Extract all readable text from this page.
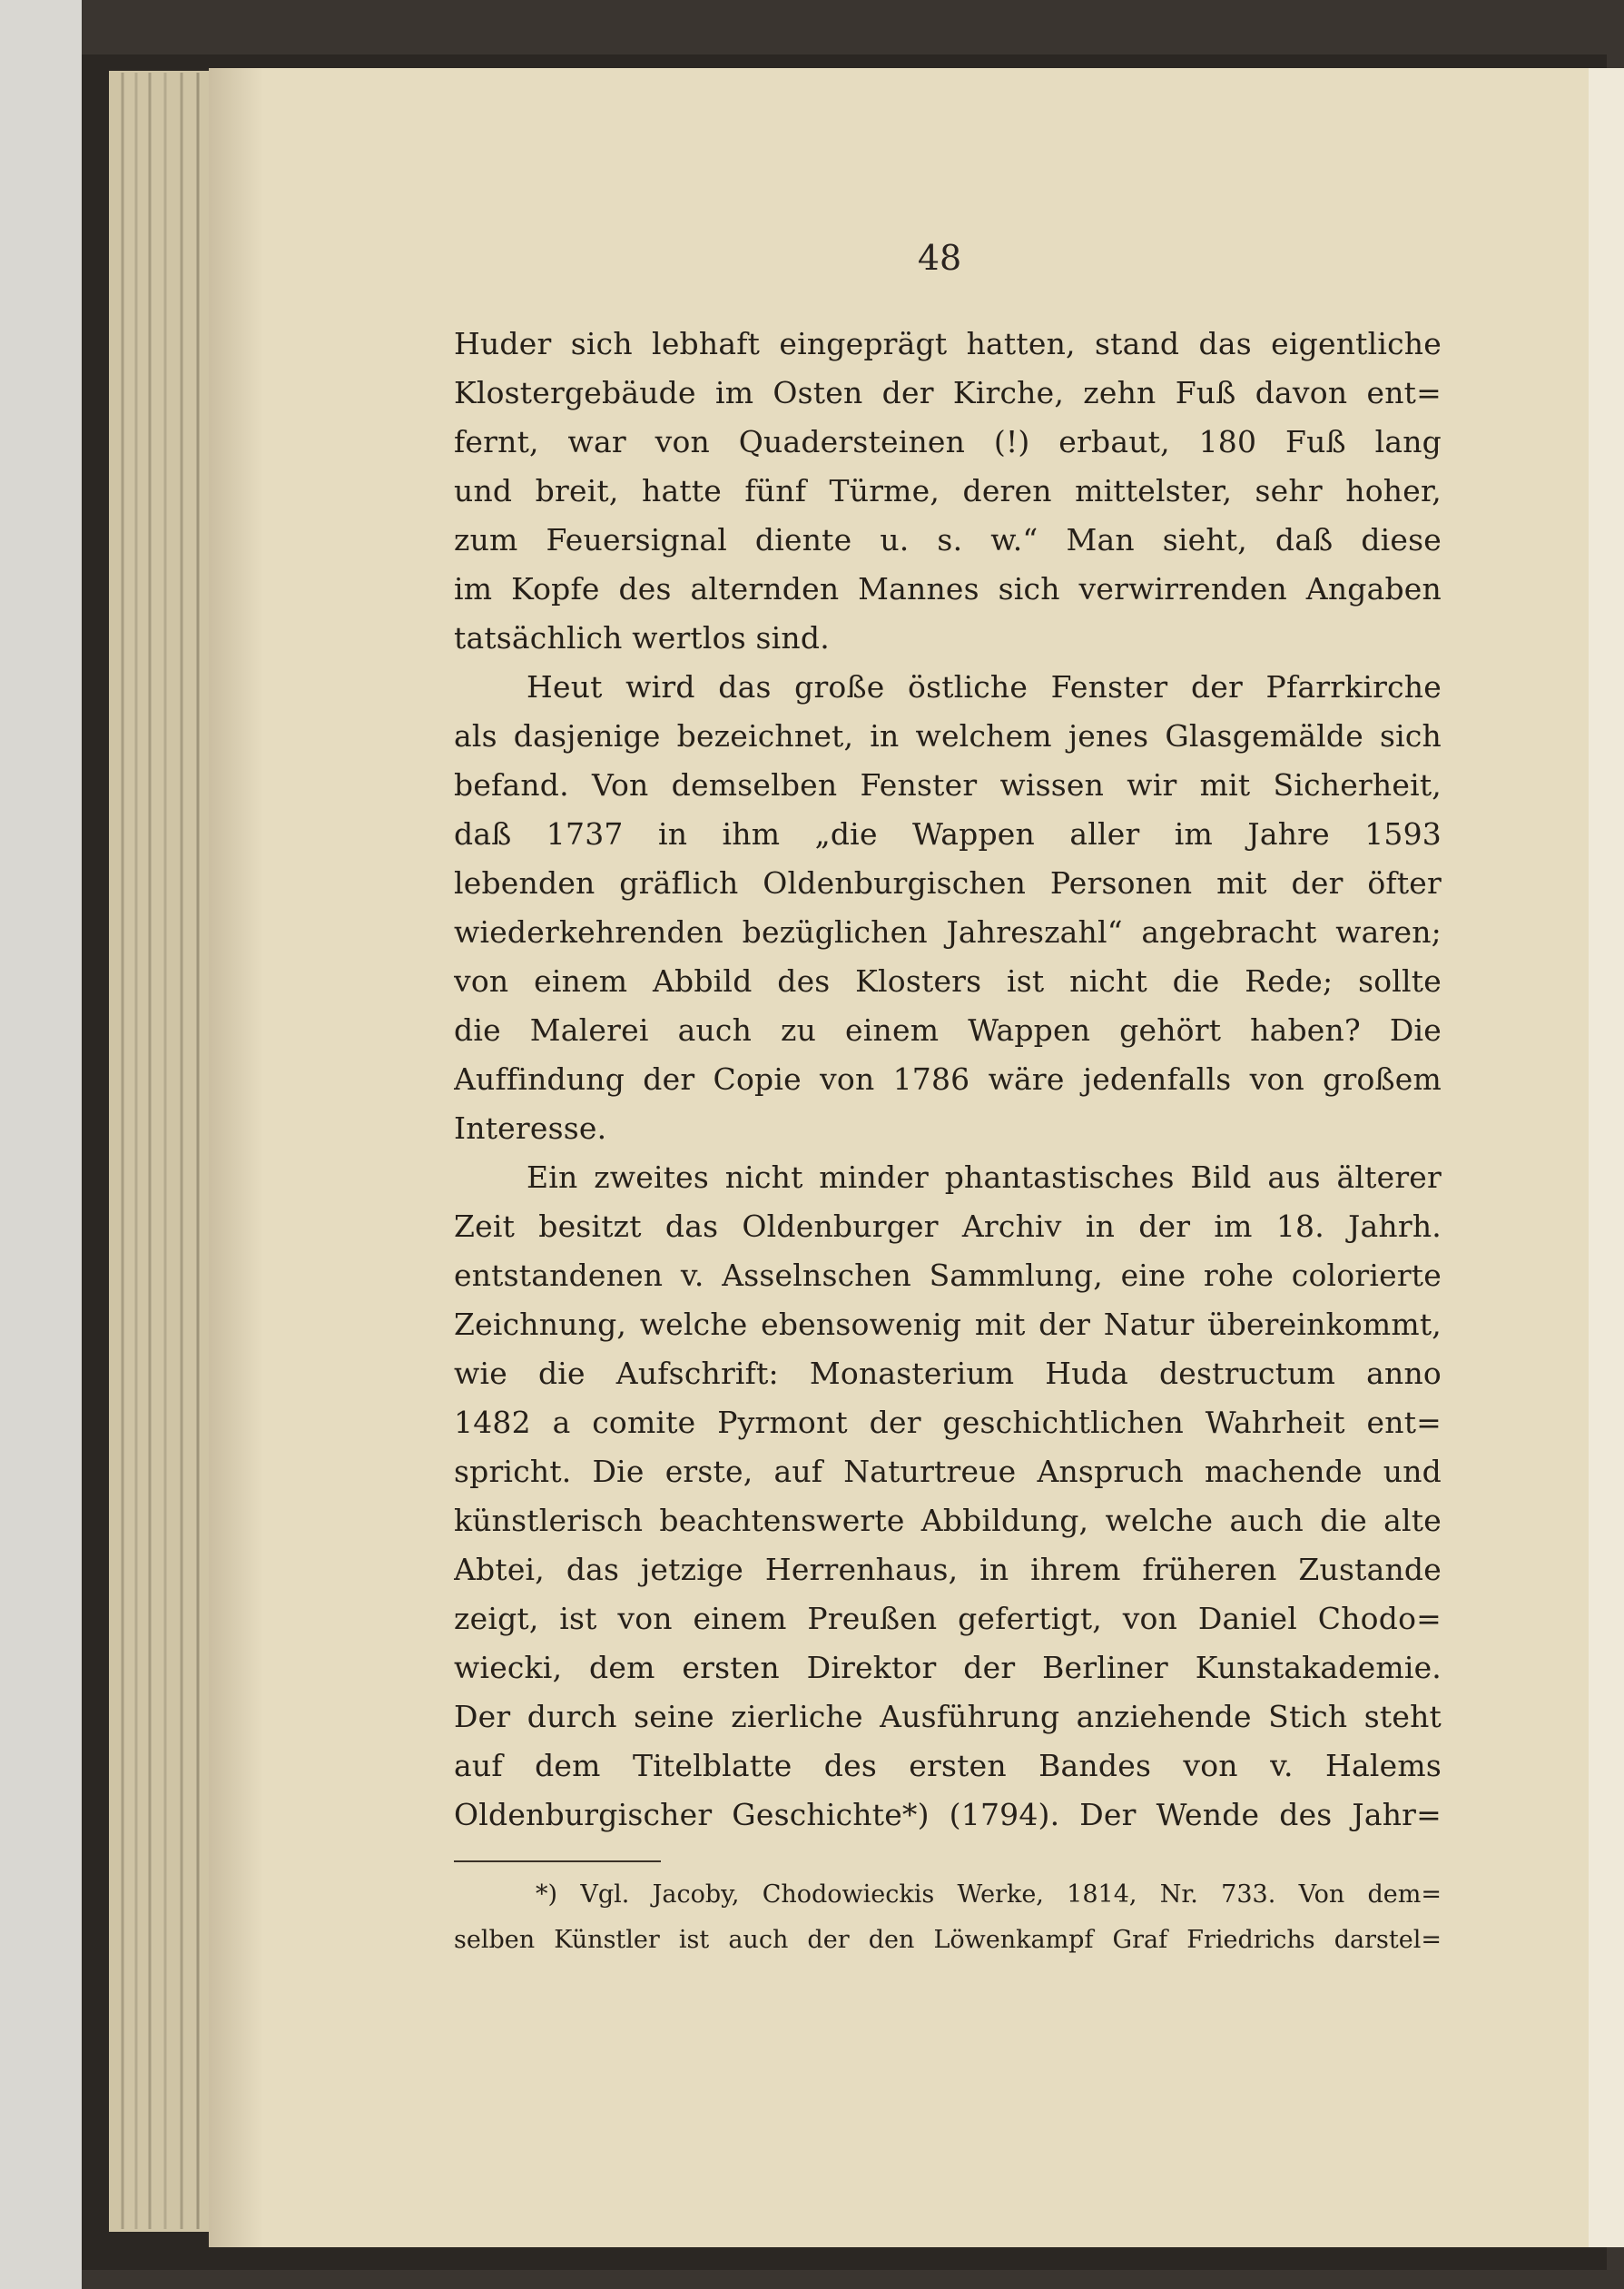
48
Huder sich lebhaft eingeprägt hatten, stand das eigentliche
Klostergebäude im Osten der Kirche, zehn Fuß davon ent=
fernt, war von Quadersteinen (!) erbaut, 180 Fuß lang
und breit, hatte fünf Türme, deren mittelster, sehr hoher,
zum Feuersignal diente u. s. w.“ Man sieht, daß diese
im Kopfe des alternden Mannes sich verwirrenden Angaben
tatsächlich wertlos sind.
Heut wird das große östliche Fenster der Pfarrkirche
als dasjenige bezeichnet, in welchem jenes Glasgemälde sich
befand. Von demselben Fenster wissen wir mit Sicherheit,
daß 1737 in ihm „die Wappen aller im Jahre 1593
lebenden gräflich Oldenburgischen Personen mit der öfter
wiederkehrenden bezüglichen Jahreszahl“ angebracht waren;
von einem Abbild des Klosters ist nicht die Rede; sollte
die Malerei auch zu einem Wappen gehört haben? Die
Auffindung der Copie von 1786 wäre jedenfalls von großem
Interesse.
Ein zweites nicht minder phantastisches Bild aus älterer
Zeit besitzt das Oldenburger Archiv in der im 18. Jahrh.
entstandenen v. Asselnschen Sammlung, eine rohe colorierte
Zeichnung, welche ebensowenig mit der Natur übereinkommt,
wie die Aufschrift: Monasterium Huda destructum anno
1482 a comite Pyrmont der geschichtlichen Wahrheit ent=
spricht. Die erste, auf Naturtreue Anspruch machende und
künstlerisch beachtenswerte Abbildung, welche auch die alte
Abtei, das jetzige Herrenhaus, in ihrem früheren Zustande
zeigt, ist von einem Preußen gefertigt, von Daniel Chodo=
wiecki, dem ersten Direktor der Berliner Kunstakademie.
Der durch seine zierliche Ausführung anziehende Stich steht
auf dem Titelblatte des ersten Bandes von v. Halems
Oldenburgischer Geschichte*) (1794). Der Wende des Jahr=
*) Vgl. Jacoby, Chodowieckis Werke, 1814, Nr. 733. Von dem=
selben Künstler ist auch der den Löwenkampf Graf Friedrichs darstel=
